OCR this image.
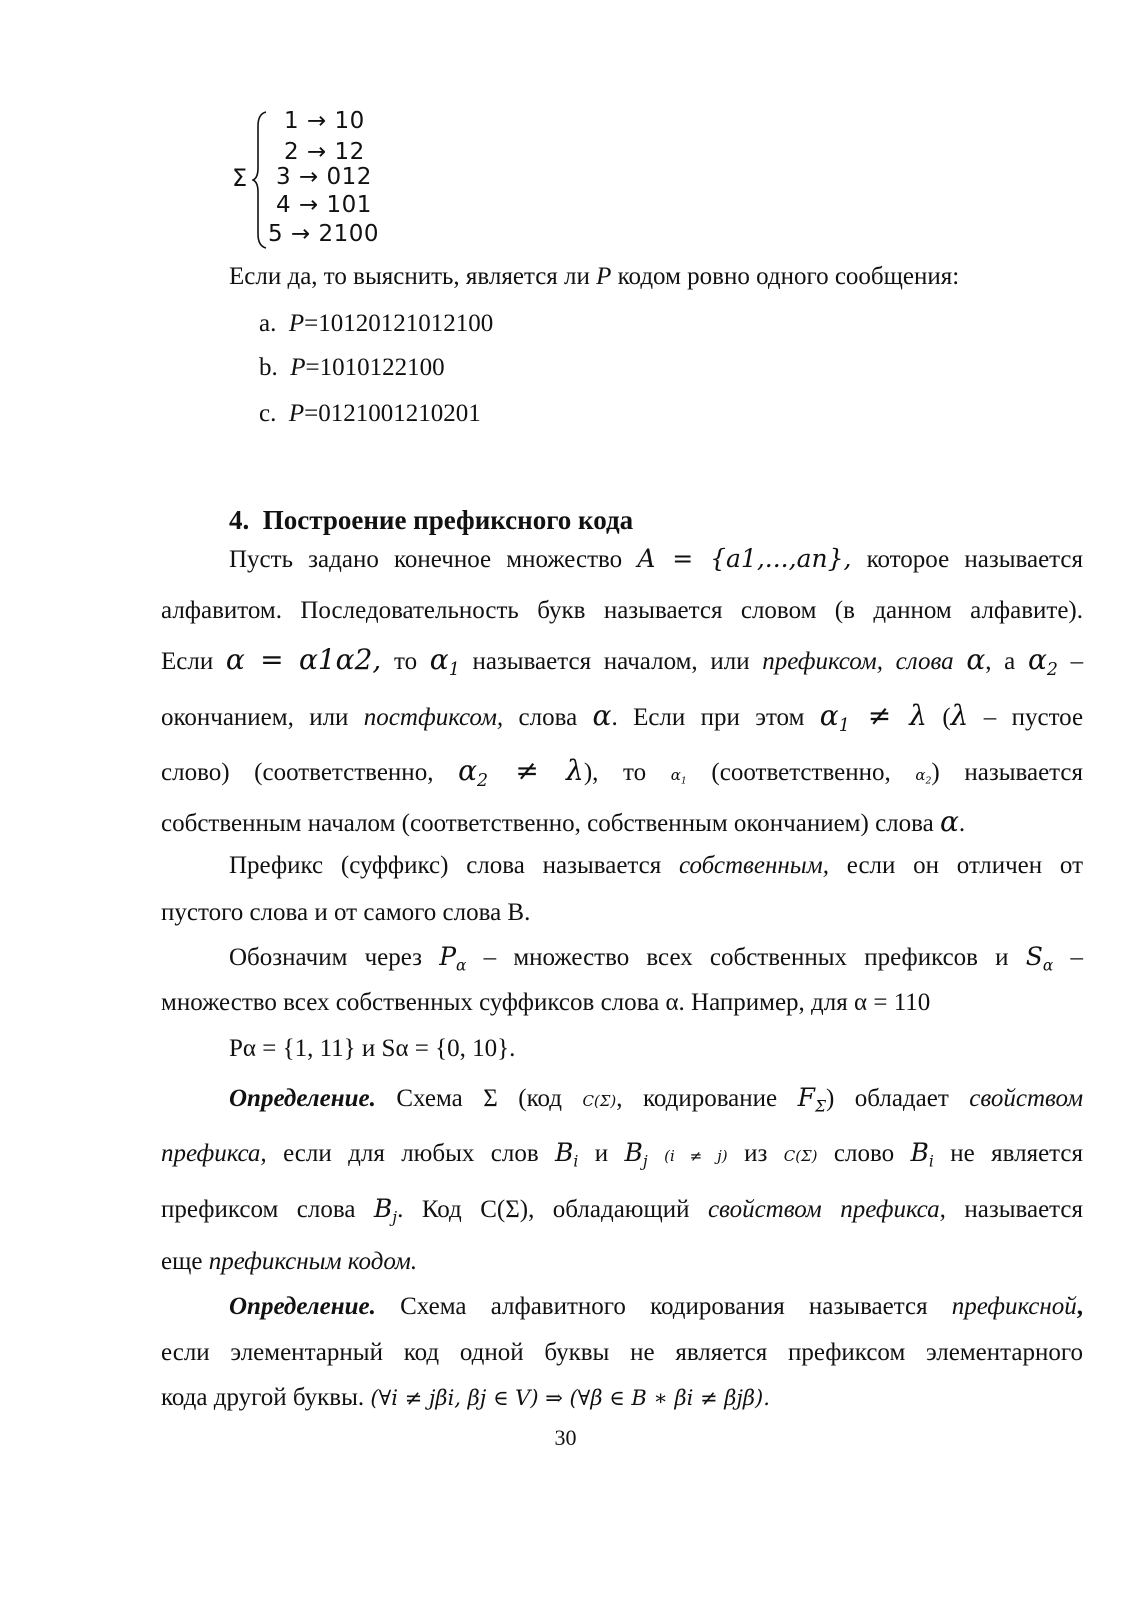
Σ
1 → 10
2 → 12
3 → 012
4 → 101
5 → 2100
Если да, то выяснить, является ли P кодом ровно одного сообщения:
a. P=10120121012100
b. P=1010122100
c. P=0121001210201
4. Построение префиксного кода
Пусть задано конечное множество A = {a1,...,an}, которое называется
алфавитом. Последовательность букв называется словом (в данном алфавите).
Если α = α1α2, то $\alpha_1$ называется началом, или префиксом, слова α, а $\alpha_2$ –
окончанием, или постфиксом, слова α. Если при этом $\alpha_1 \ne \lambda$ (λ – пустое
слово) (соответственно, $\alpha_2 \ne \lambda$), то $\alpha_1$ (соответственно, $\alpha_2$) называется
собственным началом (соответственно, собственным окончанием) слова α.
Префикс (суффикс) слова называется собственным, если он отличен от
пустого слова и от самого слова B.
Обозначим через $P_\alpha$ – множество всех собственных префиксов и $S_\alpha$ –
множество всех собственных суффиксов слова α. Например, для α = 110
Pα = {1, 11} и Sα = {0, 10}.
Определение. Схема Σ (код C(Σ), кодирование $F_\Sigma$) обладает свойством
префикса, если для любых слов $B_i$ и $B_j$ (i ≠ j) из C(Σ) слово $B_i$ не является
префиксом слова $B_j$. Код C(Σ), обладающий свойством префикса, называется
еще префиксным кодом.
Определение. Схема алфавитного кодирования называется префиксной,
если элементарный код одной буквы не является префиксом элементарного
кода другой буквы. (∀i ≠ jβi, βj ∈ V) ⇒ (∀β ∈ B ∗ βi ≠ βjβ).
30
